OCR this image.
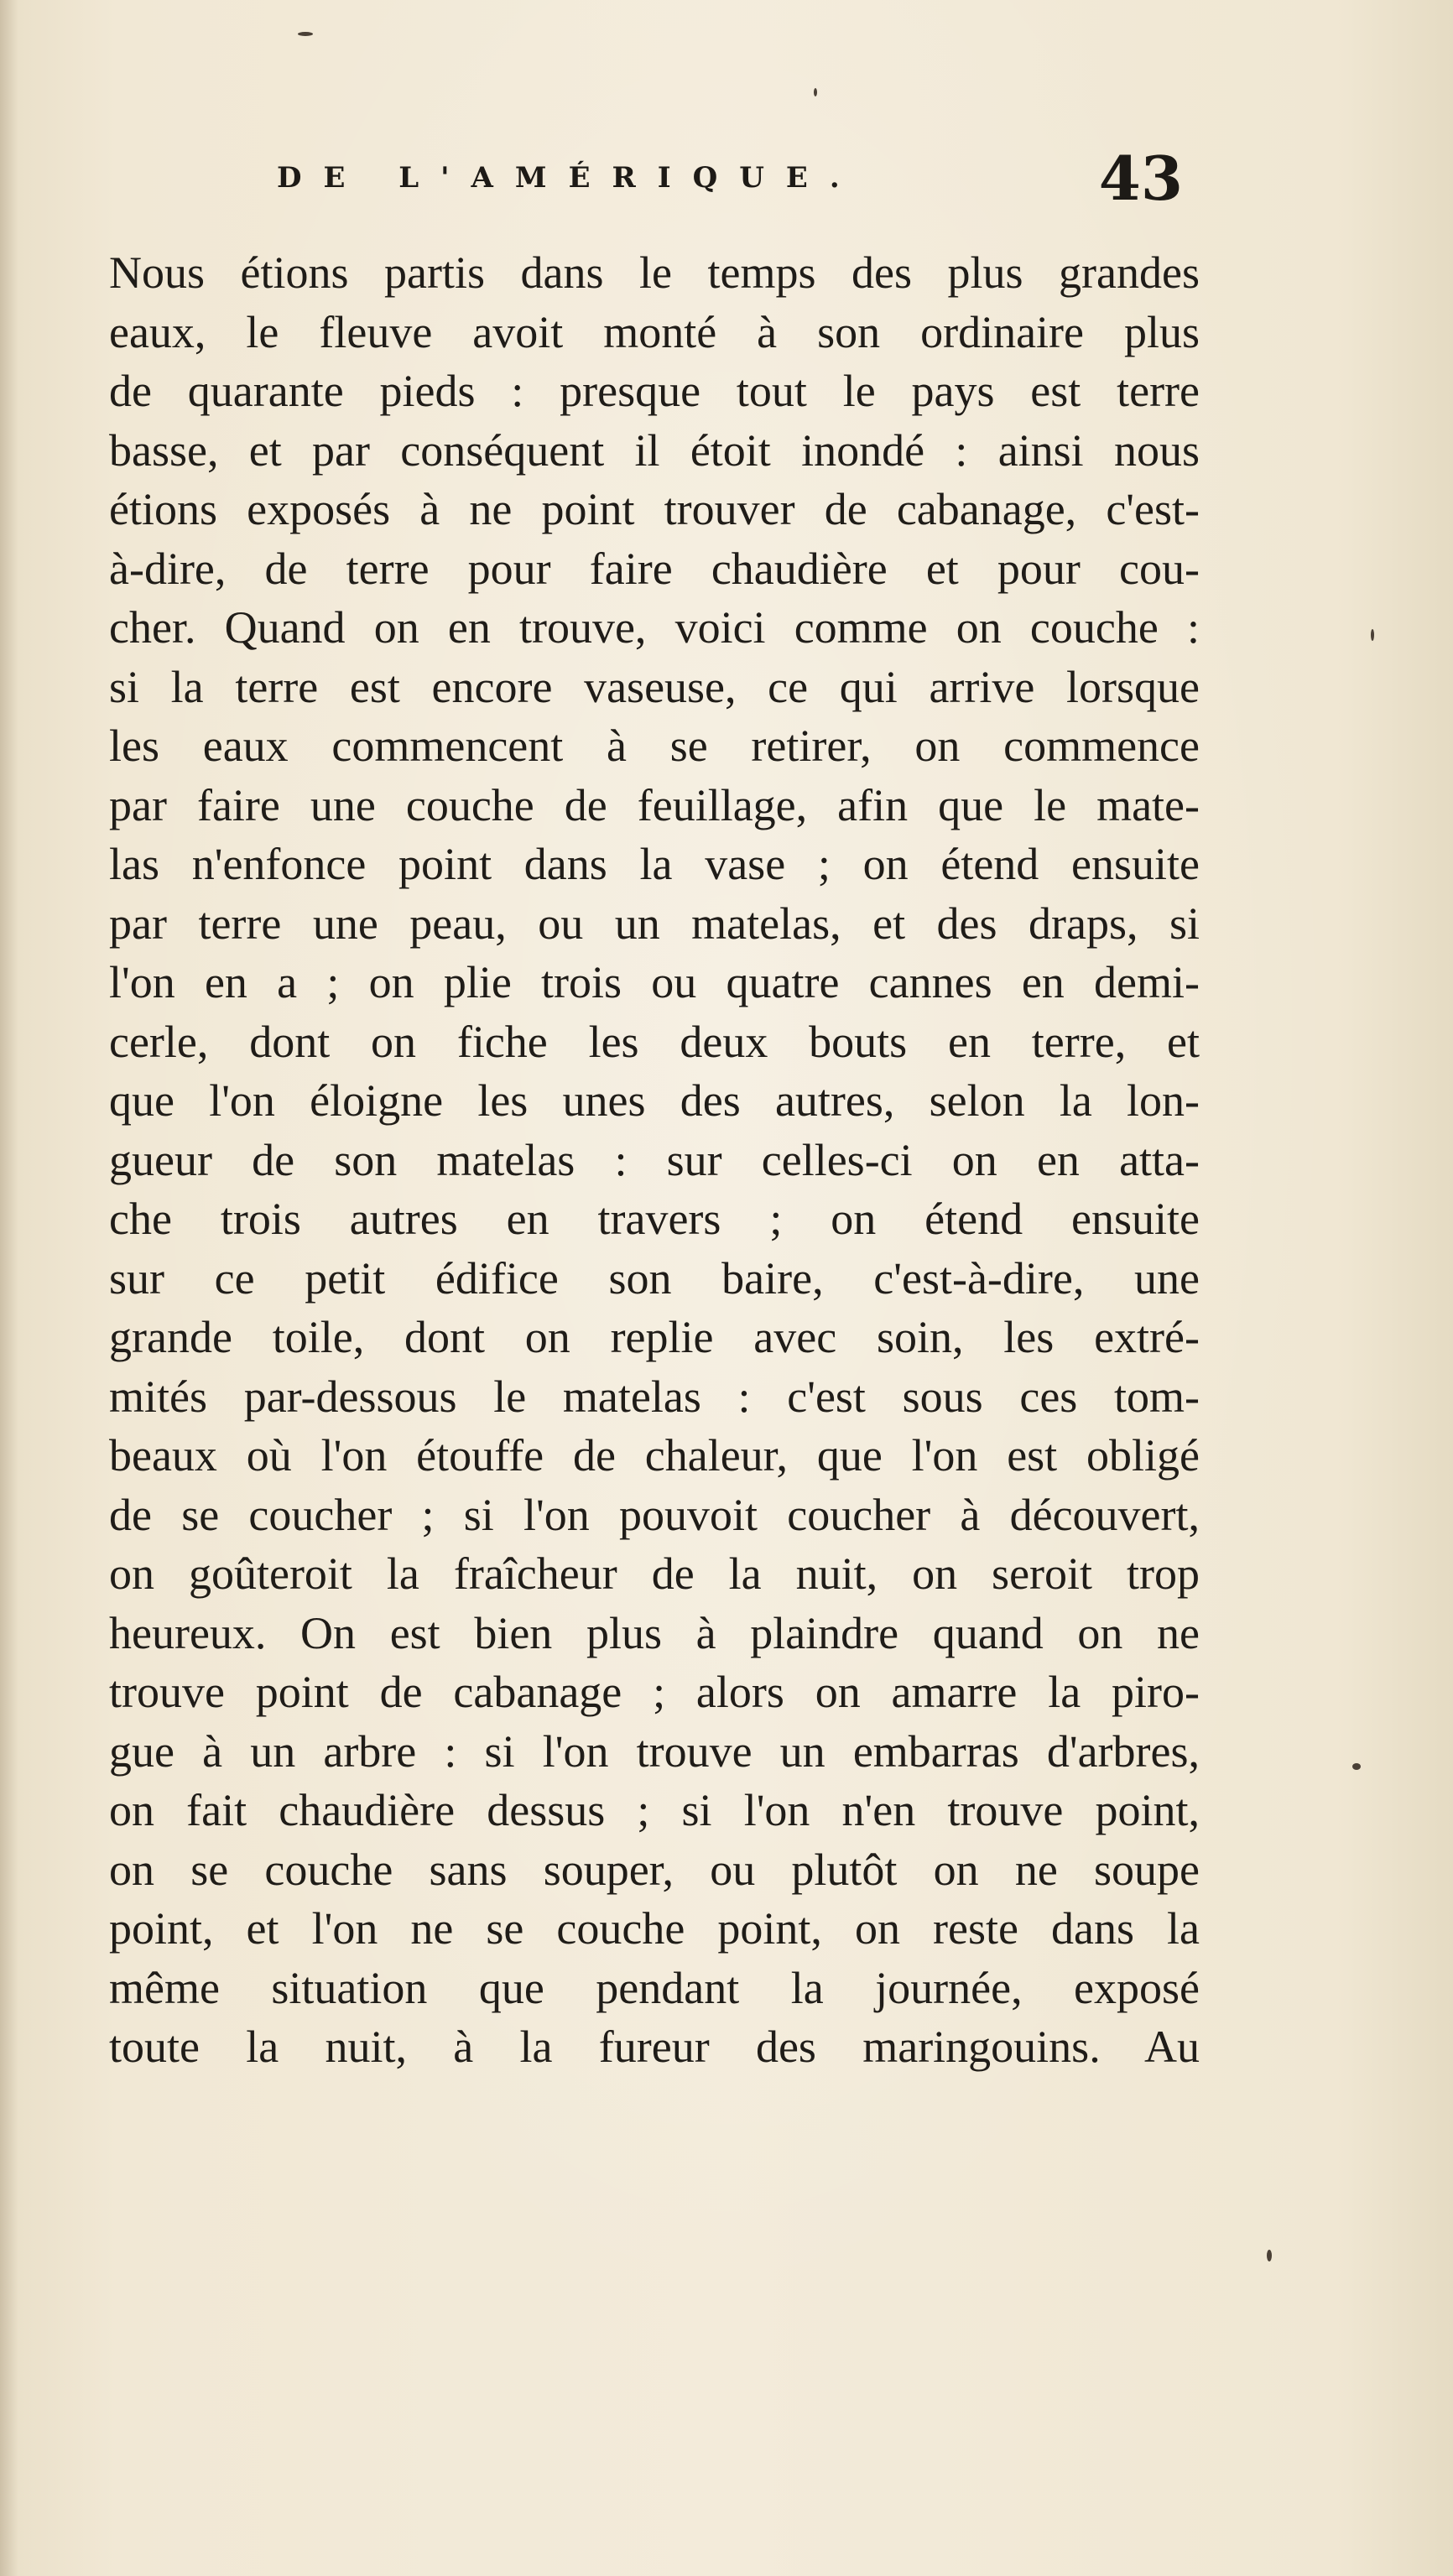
DE L'AMÉRIQUE.	43
Nous étions partis dans le temps des plus grandes
eaux, le fleuve avoit monté à son ordinaire plus
de quarante pieds : presque tout le pays est terre
basse, et par conséquent il étoit inondé : ainsi nous
étions exposés à ne point trouver de cabanage, c'est-
à-dire, de terre pour faire chaudière et pour cou-
cher. Quand on en trouve, voici comme on couche :
si la terre est encore vaseuse, ce qui arrive lorsque
les eaux commencent à se retirer, on commence
par faire une couche de feuillage, afin que le mate-
las n'enfonce point dans la vase ; on étend ensuite
par terre une peau, ou un matelas, et des draps, si
l'on en a ; on plie trois ou quatre cannes en demi-
cerle, dont on fiche les deux bouts en terre, et
que l'on éloigne les unes des autres, selon la lon-
gueur de son matelas : sur celles-ci on en atta-
che trois autres en travers ; on étend ensuite
sur ce petit édifice son baire, c'est-à-dire, une
grande toile, dont on replie avec soin, les extré-
mités par-dessous le matelas : c'est sous ces tom-
beaux où l'on étouffe de chaleur, que l'on est obligé
de se coucher ; si l'on pouvoit coucher à découvert,
on goûteroit la fraîcheur de la nuit, on seroit trop
heureux. On est bien plus à plaindre quand on ne
trouve point de cabanage ; alors on amarre la piro-
gue à un arbre : si l'on trouve un embarras d'arbres,
on fait chaudière dessus ; si l'on n'en trouve point,
on se couche sans souper, ou plutôt on ne soupe
point, et l'on ne se couche point, on reste dans la
même situation que pendant la journée, exposé
toute la nuit, à la fureur des maringouins. Au
